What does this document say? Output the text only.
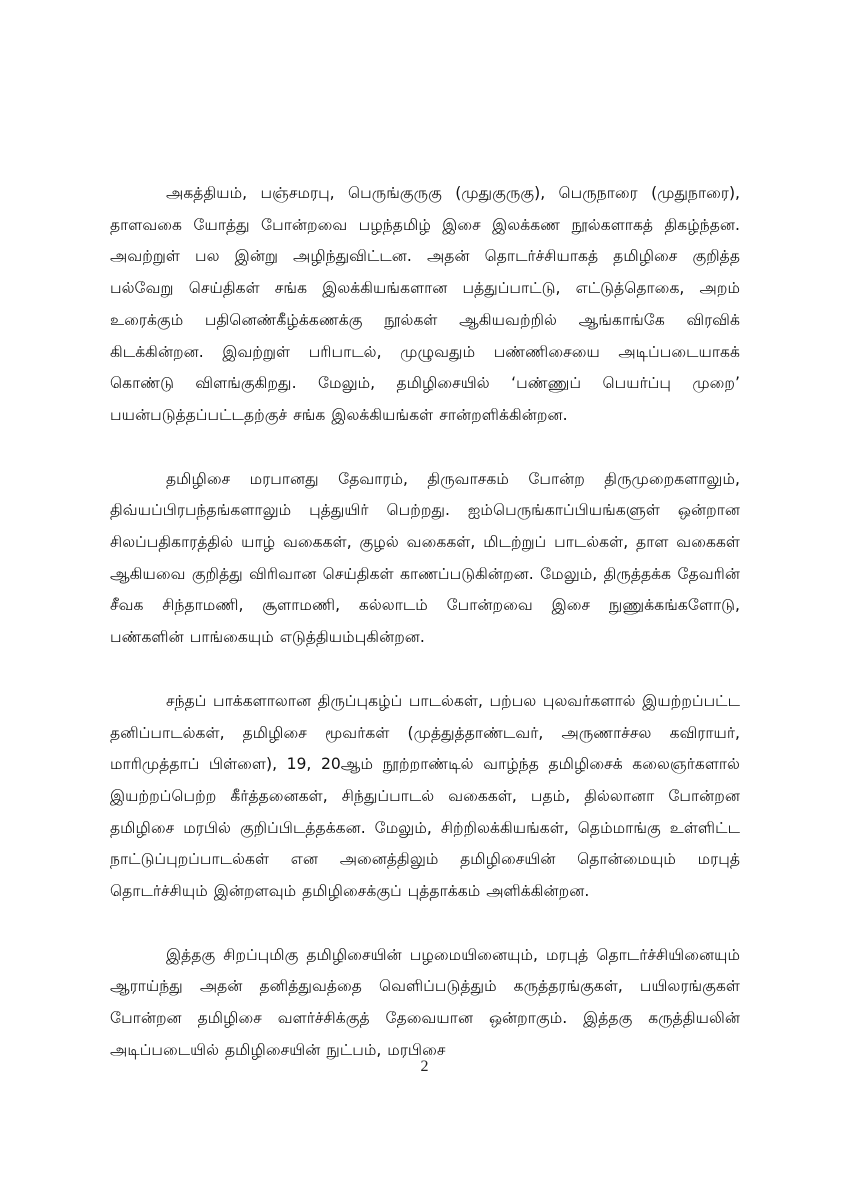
அகத்தியம், பஞ்சமரபு, பெருங்குருகு (முதுகுருகு), பெருநாரை (முதுநாரை), தாளவகை யோத்து போன்றவை பழந்தமிழ் இசை இலக்கண நூல்களாகத் திகழ்ந்தன. அவற்றுள் பல இன்று அழிந்துவிட்டன. அதன் தொடர்ச்சியாகத் தமிழிசை குறித்த பல்வேறு செய்திகள் சங்க இலக்கியங்களான பத்துப்பாட்டு, எட்டுத்தொகை, அறம் உரைக்கும் பதினெண்கீழ்க்கணக்கு நூல்கள் ஆகியவற்றில் ஆங்காங்கே விரவிக் கிடக்கின்றன. இவற்றுள் பரிபாடல், முழுவதும் பண்ணிசையை அடிப்படையாகக் கொண்டு விளங்குகிறது. மேலும், தமிழிசையில் ‘பண்ணுப் பெயர்ப்பு முறை’ பயன்படுத்தப்பட்டதற்குச் சங்க இலக்கியங்கள் சான்றளிக்கின்றன.

தமிழிசை மரபானது தேவாரம், திருவாசகம் போன்ற திருமுறைகளாலும், திவ்யப்பிரபந்தங்களாலும் புத்துயிர் பெற்றது. ஐம்பெருங்காப்பியங்களுள் ஒன்றான சிலப்பதிகாரத்தில் யாழ் வகைகள், குழல் வகைகள், மிடற்றுப் பாடல்கள், தாள வகைகள் ஆகியவை குறித்து விரிவான செய்திகள் காணப்படுகின்றன. மேலும், திருத்தக்க தேவரின் சீவக சிந்தாமணி, சூளாமணி, கல்லாடம் போன்றவை இசை நுணுக்கங்களோடு, பண்களின் பாங்கையும் எடுத்தியம்புகின்றன.

சந்தப் பாக்களாலான திருப்புகழ்ப் பாடல்கள், பற்பல புலவர்களால் இயற்றப்பட்ட தனிப்பாடல்கள், தமிழிசை மூவர்கள் (முத்துத்தாண்டவர், அருணாச்சல கவிராயர், மாரிமுத்தாப் பிள்ளை), 19, 20ஆம் நூற்றாண்டில் வாழ்ந்த தமிழிசைக் கலைஞர்களால் இயற்றப்பெற்ற கீர்த்தனைகள், சிந்துப்பாடல் வகைகள், பதம், தில்லானா போன்றன தமிழிசை மரபில் குறிப்பிடத்தக்கன. மேலும், சிற்றிலக்கியங்கள், தெம்மாங்கு உள்ளிட்ட நாட்டுப்புறப்பாடல்கள் என அனைத்திலும் தமிழிசையின் தொன்மையும் மரபுத் தொடர்ச்சியும் இன்றளவும் தமிழிசைக்குப் புத்தாக்கம் அளிக்கின்றன.

இத்தகு சிறப்புமிகு தமிழிசையின் பழமையினையும், மரபுத் தொடர்ச்சியினையும் ஆராய்ந்து அதன் தனித்துவத்தை வெளிப்படுத்தும் கருத்தரங்குகள், பயிலரங்குகள் போன்றன தமிழிசை வளர்ச்சிக்குத் தேவையான ஒன்றாகும். இத்தகு கருத்தியலின் அடிப்படையில் தமிழிசையின் நுட்பம், மரபிசை

2
